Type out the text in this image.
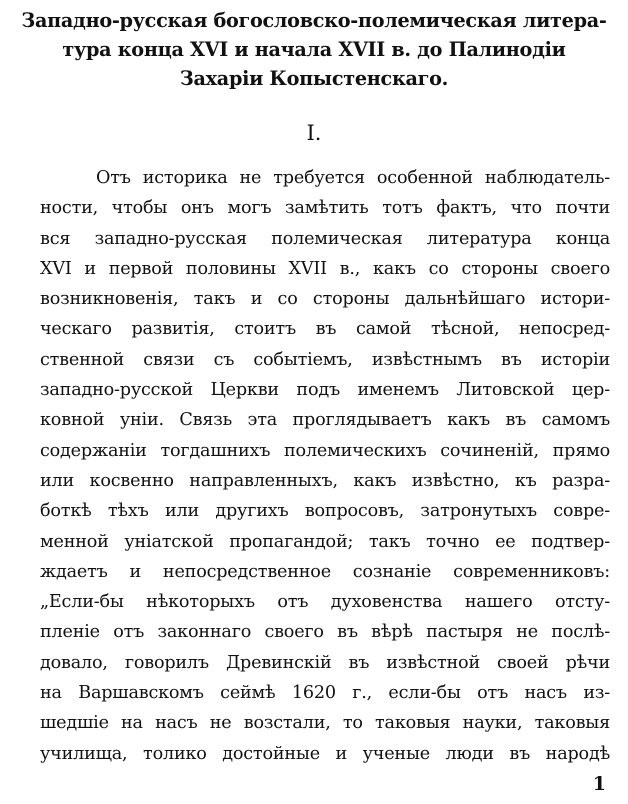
Западно-русская богословско-полемическая литера-
тура конца XVI и начала XVII в. до Палинодіи
Захаріи Копыстенскаго.
I.
Отъ историка не требуется особенной наблюдатель-
ности, чтобы онъ могъ замѣтить тотъ фактъ, что почти
вся западно-русская полемическая литература конца
XVI и первой половины XVII в., какъ со стороны своего
возникновенія, такъ и со стороны дальнѣйшаго истори-
ческаго развитія, стоитъ въ самой тѣсной, непосред-
ственной связи съ событіемъ, извѣстнымъ въ исторіи
западно-русской Церкви подъ именемъ Литовской цер-
ковной уніи. Связь эта проглядываетъ какъ въ самомъ
содержаніи тогдашнихъ полемическихъ сочиненій, прямо
или косвенно направленныхъ, какъ извѣстно, къ разра-
боткѣ тѣхъ или другихъ вопросовъ, затронутыхъ совре-
менной уніатской пропагандой; такъ точно ее подтвер-
ждаетъ и непосредственное сознаніе современниковъ:
„Если-бы нѣкоторыхъ отъ духовенства нашего отсту-
пленіе отъ законнаго своего въ вѣрѣ пастыря не послѣ-
довало, говорилъ Древинскій въ извѣстной своей рѣчи
на Варшавскомъ сеймѣ 1620 г., если-бы отъ насъ из-
шедшіе на насъ не возстали, то таковыя науки, таковыя
училища, толико достойные и ученые люди въ народѣ
1
